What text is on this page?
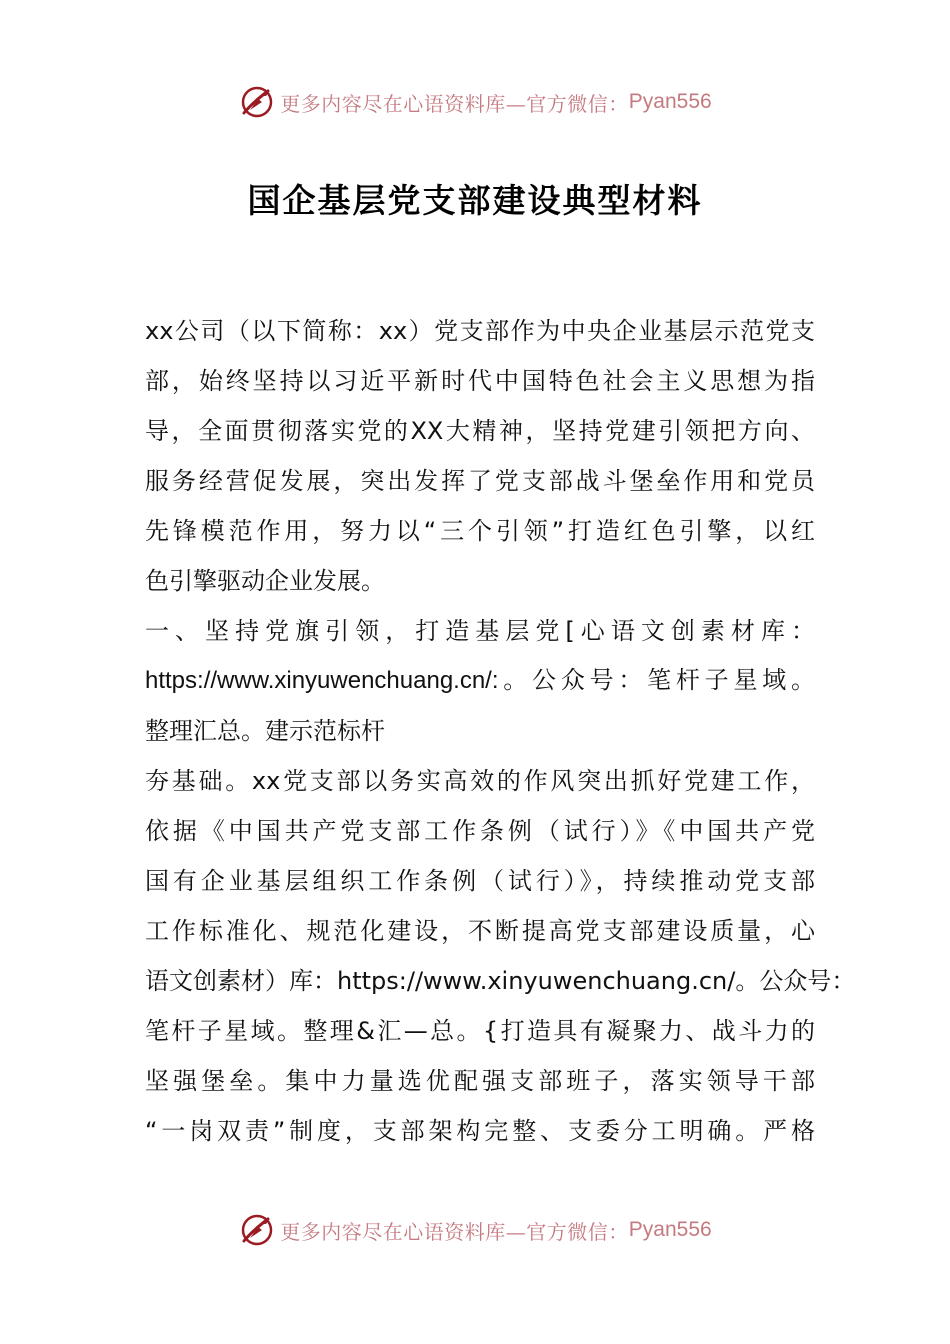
更多内容尽在心语资料库—官方微信： Pyan556
国企基层党支部建设典型材料
xx公司（以下简称：xx）党支部作为中央企业基层示范党支
部，始终坚持以习近平新时代中国特色社会主义思想为指
导，全面贯彻落实党的XX大精神，坚持党建引领把方向、
服务经营促发展，突出发挥了党支部战斗堡垒作用和党员
先锋模范作用，努力以“三个引领”打造红色引擎，以红
色引擎驱动企业发展。
一、坚持党旗引领，打造基层党[心语文创素材库：
https://www.xinyuwenchuang.cn/:。公众号：笔杆子星域。
整理汇总。建示范标杆
夯基础。xx党支部以务实高效的作风突出抓好党建工作，
依据《中国共产党支部工作条例（试行）》《中国共产党
国有企业基层组织工作条例（试行）》，持续推动党支部
工作标准化、规范化建设，不断提高党支部建设质量，心
语文创素材）库：https://www.xinyuwenchuang.cn/。公众号：
笔杆子星域。整理&汇—总。{打造具有凝聚力、战斗力的
坚强堡垒。集中力量选优配强支部班子，落实领导干部
“一岗双责”制度，支部架构完整、支委分工明确。严格
更多内容尽在心语资料库—官方微信： Pyan556
